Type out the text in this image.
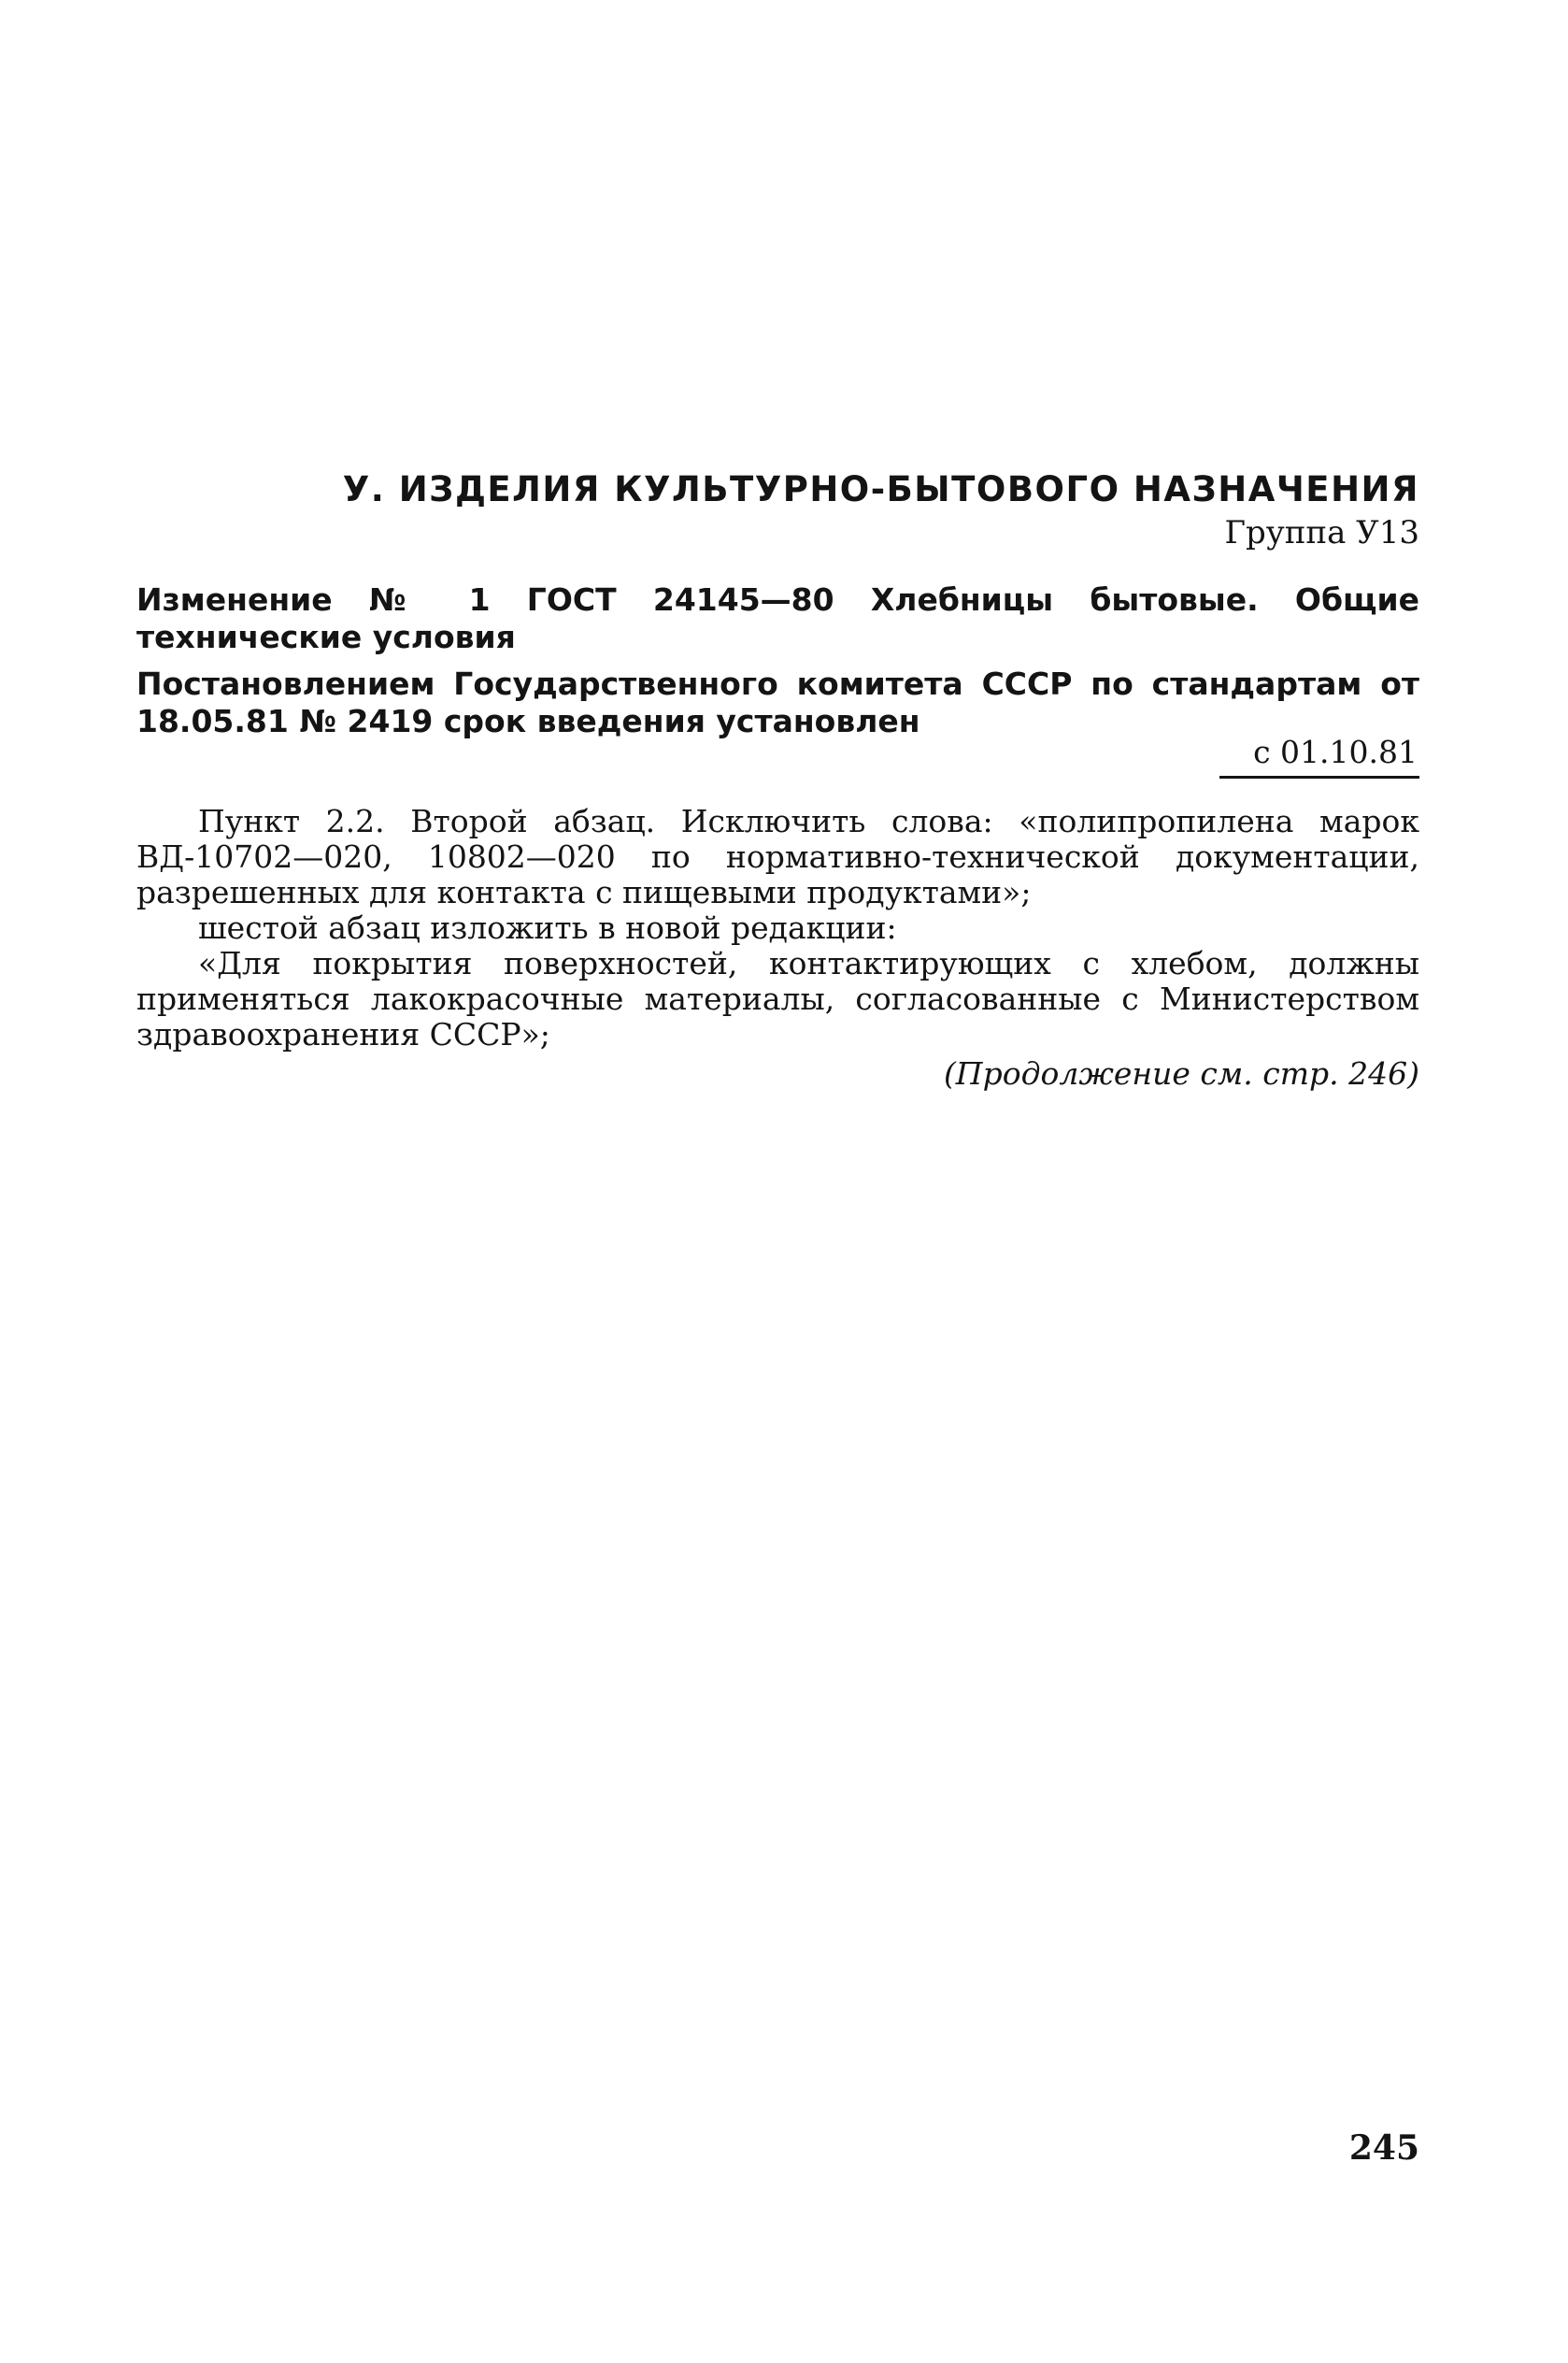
У. ИЗДЕЛИЯ КУЛЬТУРНО-БЫТОВОГО НАЗНАЧЕНИЯ
Группа У13
Изменение № 1 ГОСТ 24145—80 Хлебницы бытовые. Общие технические условия
Постановлением Государственного комитета СССР по стандартам от 18.05.81 № 2419 срок введения установлен
с 01.10.81

Пункт 2.2. Второй абзац. Исключить слова: «полипропилена марок ВД-10702—020, 10802—020 по нормативно-технической документации, разрешенных для контакта с пищевыми продуктами»;

шестой абзац изложить в новой редакции:

«Для покрытия поверхностей, контактирующих с хлебом, должны применяться лакокрасочные материалы, согласованные с Министерством здравоохранения СССР»;

(Продолжение см. стр. 246)
245
